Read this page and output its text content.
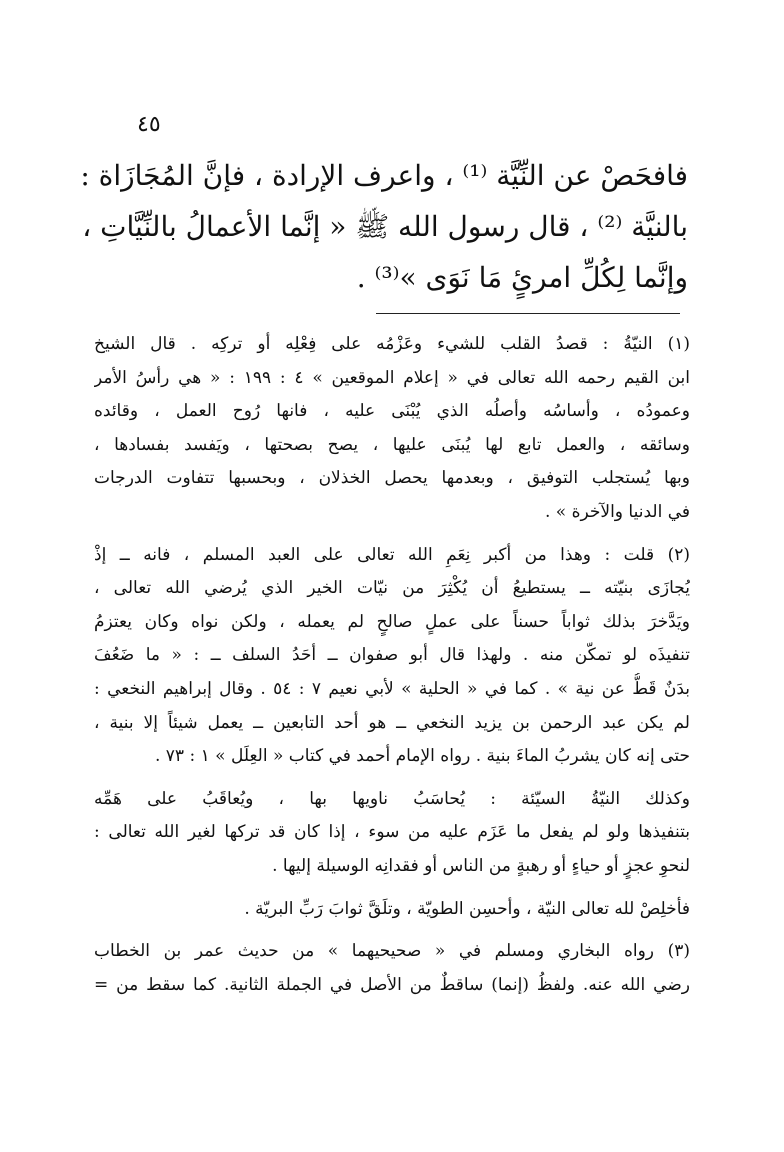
٤٥
فافحَصْ عن النِّيَّة ⁽¹⁾ ، واعرف الإرادة ، فإنَّ المُجَازَاة :
بالنيَّة ⁽²⁾ ، قال رسول الله ﷺ « إنَّما الأعمالُ بالنِّيَّاتِ ،
وإنَّما لِكُلِّ امرئٍ مَا نَوَى »⁽³⁾ .
(١) النيّةُ : قصدُ القلب للشيء وعَزْمُه على فِعْلِه أو تركِه . قال الشيخ
ابن القيم رحمه الله تعالى في « إعلام الموقعين » ٤ : ١٩٩ : « هي رأسُ الأمر
وعمودُه ، وأساسُه وأصلُه الذي يُبْنَى عليه ، فانها رُوح العمل ، وقائده
وسائقه ، والعمل تابع لها يُبنَى عليها ، يصح بصحتها ، ويَفسد بفسادها ،
وبها يُستجلب التوفيق ، وبعدمها يحصل الخذلان ، وبحسبها تتفاوت الدرجات
في الدنيا والآخرة » .
(٢) قلت : وهذا من أكبر نِعَمِ الله تعالى على العبد المسلم ، فانه ــ إذْ
يُجازَى بنيّته ــ يستطيعُ أن يُكْثِرَ من نيّات الخير الذي يُرضي الله تعالى ،
ويَدَّخرَ بذلك ثواباً حسناً على عملٍ صالحٍ لم يعمله ، ولكن نواه وكان يعتزمُ
تنفيذَه لو تمكّن منه . ولهذا قال أبو صفوان ــ أحَدُ السلف ــ : « ما ضَعُفَ
بدَنٌ قَطُّ عن نية » . كما في « الحلية » لأبي نعيم ٧ : ٥٤ . وقال إبراهيم النخعي :
لم يكن عبد الرحمن بن يزيد النخعي ــ هو أحد التابعين ــ يعمل شيئاً إلا بنية ،
حتى إنه كان يشربُ الماءَ بنية . رواه الإمام أحمد في كتاب « العِلَل » ١ : ٧٣ .
وكذلك النيّةُ السيّئة : يُحاسَبُ ناويها بها ، ويُعاقَبُ على هَمِّه
بتنفيذها ولو لم يفعل ما عَزَم عليه من سوء ، إذا كان قد تركها لغير الله تعالى :
لنحوِ عجزٍ أو حياءٍ أو رهبةٍ من الناس أو فقدانِه الوسيلة إليها .
فأخلِصْ لله تعالى النيّة ، وأحسِن الطويّة ، وتلَقَّ ثوابَ رَبِّ البريّة .
(٣) رواه البخاري ومسلم في « صحيحيهما » من حديث عمر بن الخطاب
رضي الله عنه. ولفظُ (إنما) ساقطٌ من الأصل في الجملة الثانية. كما سقط من =
